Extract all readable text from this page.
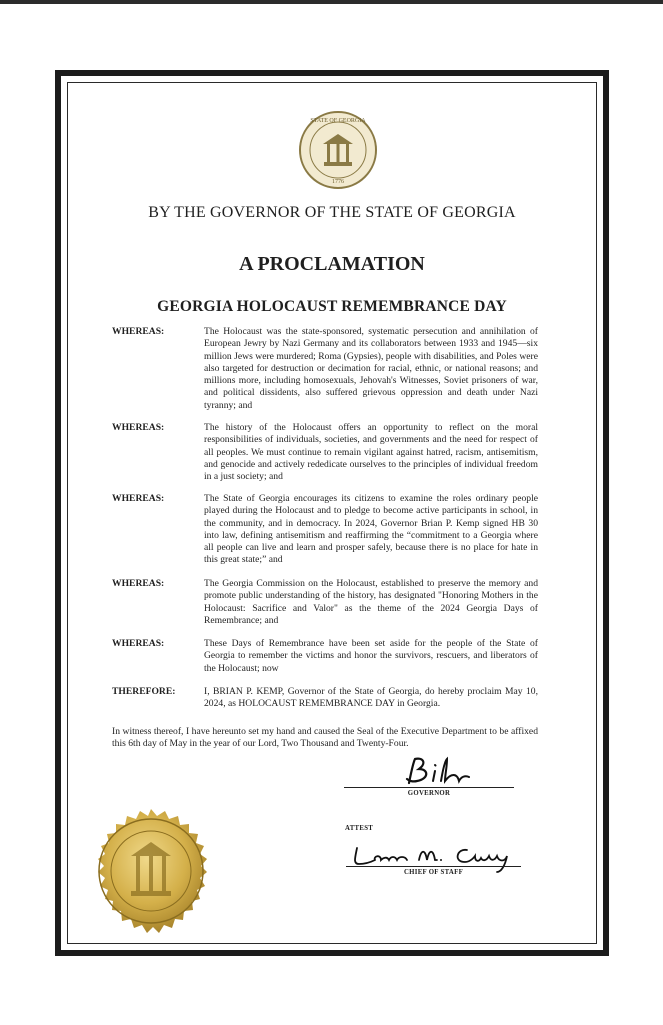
STATE OF GEORGIA
1776
BY THE GOVERNOR OF THE STATE OF GEORGIA
A PROCLAMATION
GEORGIA HOLOCAUST REMEMBRANCE DAY
WHEREAS:	The Holocaust was the state-sponsored, systematic persecution and annihilation of European Jewry by Nazi Germany and its collaborators between 1933 and 1945—six million Jews were murdered; Roma (Gypsies), people with disabilities, and Poles were also targeted for destruction or decimation for racial, ethnic, or national reasons; and millions more, including homosexuals, Jehovah's Witnesses, Soviet prisoners of war, and political dissidents, also suffered grievous oppression and death under Nazi tyranny; and
WHEREAS:	The history of the Holocaust offers an opportunity to reflect on the moral responsibilities of individuals, societies, and governments and the need for respect of all peoples. We must continue to remain vigilant against hatred, racism, antisemitism, and genocide and actively rededicate ourselves to the principles of individual freedom in a just society; and
WHEREAS:	The State of Georgia encourages its citizens to examine the roles ordinary people played during the Holocaust and to pledge to become active participants in school, in the community, and in democracy. In 2024, Governor Brian P. Kemp signed HB 30 into law, defining antisemitism and reaffirming the “commitment to a Georgia where all people can live and learn and prosper safely, because there is no place for hate in this great state;” and
WHEREAS:	The Georgia Commission on the Holocaust, established to preserve the memory and promote public understanding of the history, has designated "Honoring Mothers in the Holocaust: Sacrifice and Valor" as the theme of the 2024 Georgia Days of Remembrance; and
WHEREAS:	These Days of Remembrance have been set aside for the people of the State of Georgia to remember the victims and honor the survivors, rescuers, and liberators of the Holocaust; now
THEREFORE:	I, BRIAN P. KEMP, Governor of the State of Georgia, do hereby proclaim May 10, 2024, as HOLOCAUST REMEMBRANCE DAY in Georgia.
In witness thereof, I have hereunto set my hand and caused the Seal of the Executive Department to be affixed this 6th day of May in the year of our Lord, Two Thousand and Twenty-Four.
GOVERNOR
ATTEST
CHIEF OF STAFF
